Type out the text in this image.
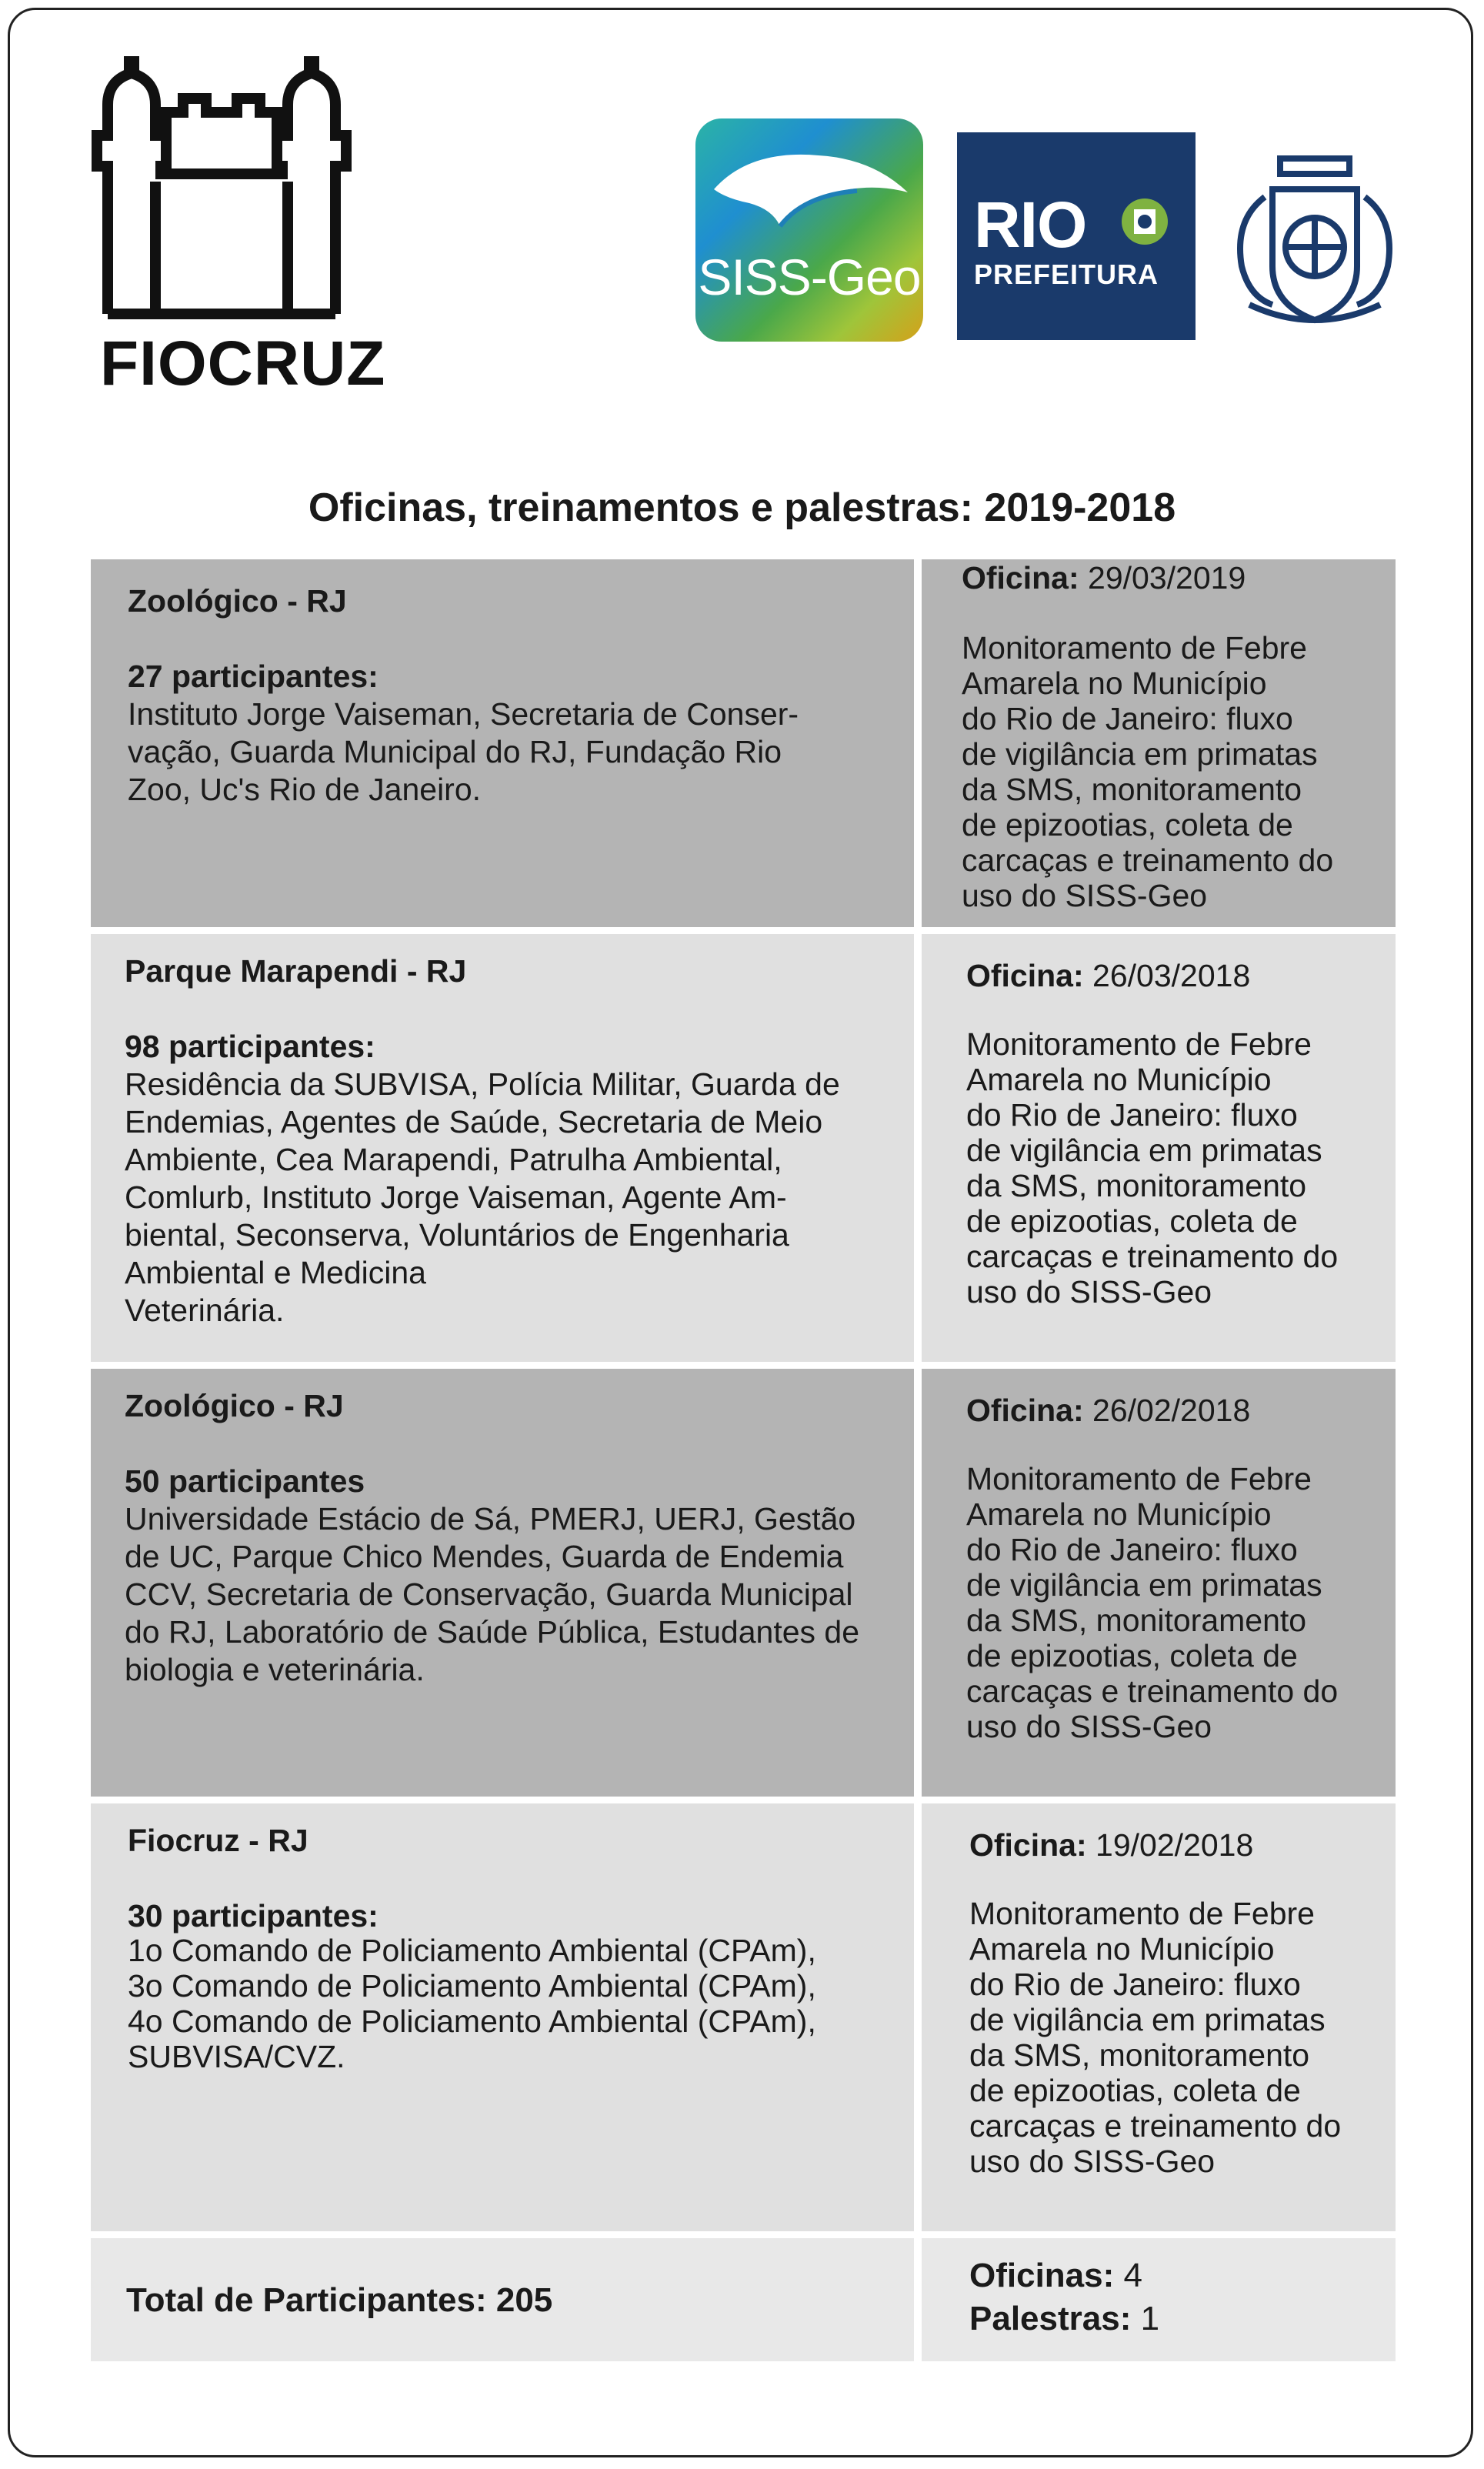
FIOCRUZ
SISS-Geo
RIO
PREFEITURA
Oficinas, treinamentos e palestras: 2019-2018
Zoológico - RJ
27 participantes:
Instituto Jorge Vaiseman, Secretaria de Conser-
vação, Guarda Municipal do RJ, Fundação Rio
Zoo, Uc's Rio de Janeiro.
Oficina: 29/03/2019
Monitoramento de Febre
Amarela no Município
do Rio de Janeiro: fluxo
de vigilância em primatas
da SMS, monitoramento
de epizootias, coleta de
carcaças e treinamento do
uso do SISS-Geo
Parque Marapendi - RJ
98 participantes:
Residência da SUBVISA, Polícia Militar, Guarda de
Endemias, Agentes de Saúde, Secretaria de Meio
Ambiente, Cea Marapendi, Patrulha Ambiental,
Comlurb, Instituto Jorge Vaiseman, Agente Am-
biental, Seconserva, Voluntários de Engenharia
Ambiental e Medicina
Veterinária.
Oficina: 26/03/2018
Monitoramento de Febre
Amarela no Município
do Rio de Janeiro: fluxo
de vigilância em primatas
da SMS, monitoramento
de epizootias, coleta de
carcaças e treinamento do
uso do SISS-Geo
Zoológico - RJ
50 participantes
Universidade Estácio de Sá, PMERJ, UERJ, Gestão
de UC, Parque Chico Mendes, Guarda de Endemia
CCV, Secretaria de Conservação, Guarda Municipal
do RJ, Laboratório de Saúde Pública, Estudantes de
biologia e veterinária.
Oficina: 26/02/2018
Monitoramento de Febre
Amarela no Município
do Rio de Janeiro: fluxo
de vigilância em primatas
da SMS, monitoramento
de epizootias, coleta de
carcaças e treinamento do
uso do SISS-Geo
Fiocruz - RJ
30 participantes:
1o Comando de Policiamento Ambiental (CPAm),
3o Comando de Policiamento Ambiental (CPAm),
4o Comando de Policiamento Ambiental (CPAm),
SUBVISA/CVZ.
Oficina: 19/02/2018
Monitoramento de Febre
Amarela no Município
do Rio de Janeiro: fluxo
de vigilância em primatas
da SMS, monitoramento
de epizootias, coleta de
carcaças e treinamento do
uso do SISS-Geo
Total de Participantes: 205
Oficinas: 4
Palestras: 1
